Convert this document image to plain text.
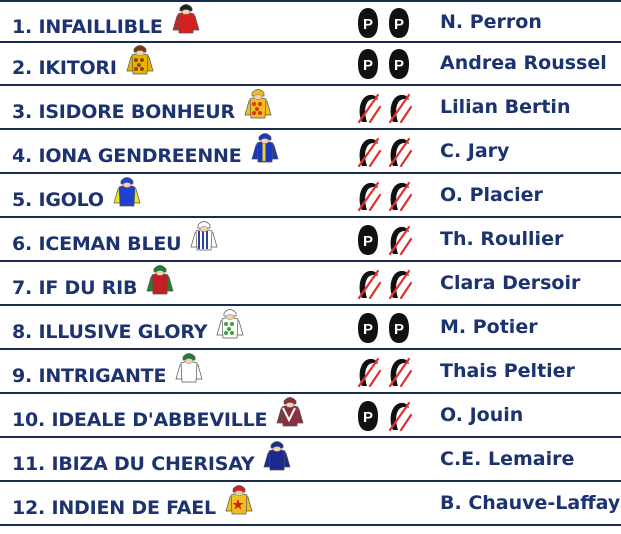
1. INFAILLIBLE	P P N. Perron
2. IKITORI	P P Andrea Roussel
3. ISIDORE BONHEUR	Lilian Bertin
4. IONA GENDREENNE	C. Jary
5. IGOLO	O. Placier
6. ICEMAN BLEU	P	Th. Roullier
7. IF DU RIB	Clara Dersoir
8. ILLUSIVE GLORY	P P M. Potier
9. INTRIGANTE	Thais Peltier
10. IDEALE D'ABBEVILLE	P	O. Jouin
11. IBIZA DU CHERISAY	C.E. Lemaire
12. INDIEN DE FAEL	B. Chauve-Laffay
